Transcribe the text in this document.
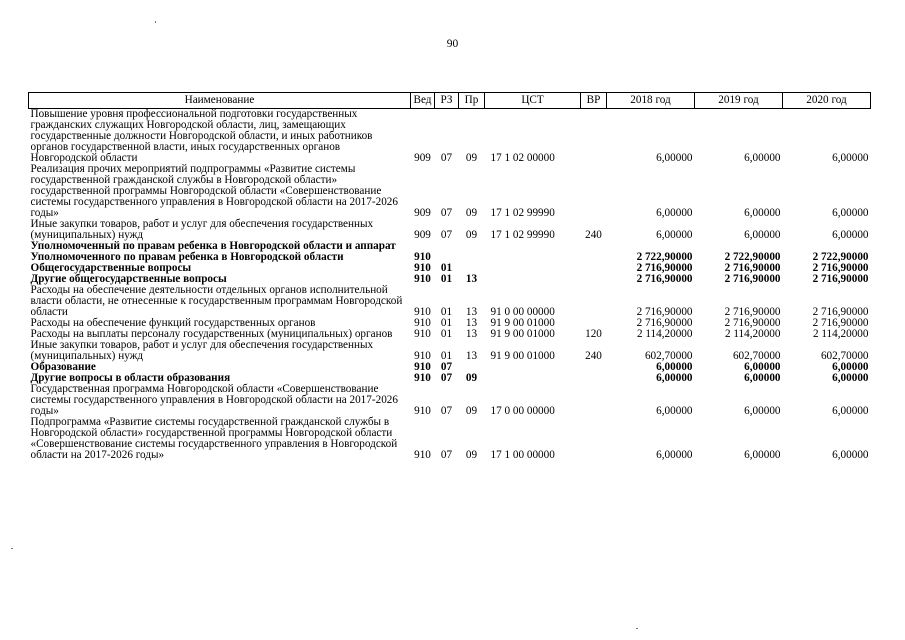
90
Наименование	Вед	РЗ	Пр	ЦСТ	ВР	2018 год	2019 год	2020 год
Повышение уровня профессиональной подготовки государственных гражданских служащих Новгородской области, лиц, замещающих государственные должности Новгородской области, и иных работников органов государственной власти, иных государственных органов Новгородской области	909	07	09	17 1 02 00000		6,00000	6,00000	6,00000
Реализация прочих мероприятий подпрограммы «Развитие системы государственной гражданской службы в Новгородской области» государственной программы Новгородской области «Совершенствование системы государственного управления в Новгородской области на 2017-2026 годы»	909	07	09	17 1 02 99990		6,00000	6,00000	6,00000
Иные закупки товаров, работ и услуг для обеспечения государственных (муниципальных) нужд	909	07	09	17 1 02 99990	240	6,00000	6,00000	6,00000
Уполномоченный по правам ребенка в Новгородской области и аппарат Уполномоченного по правам ребенка в Новгородской области	910					2 722,90000	2 722,90000	2 722,90000
Общегосударственные вопросы	910	01				2 716,90000	2 716,90000	2 716,90000
Другие общегосударственные вопросы	910	01	13			2 716,90000	2 716,90000	2 716,90000
Расходы на обеспечение деятельности отдельных органов исполнительной власти области, не отнесенные к государственным программам Новгородской области	910	01	13	91 0 00 00000		2 716,90000	2 716,90000	2 716,90000
Расходы на обеспечение функций государственных органов	910	01	13	91 9 00 01000		2 716,90000	2 716,90000	2 716,90000
Расходы на выплаты персоналу государственных (муниципальных) органов	910	01	13	91 9 00 01000	120	2 114,20000	2 114,20000	2 114,20000
Иные закупки товаров, работ и услуг для обеспечения государственных (муниципальных) нужд	910	01	13	91 9 00 01000	240	602,70000	602,70000	602,70000
Образование	910	07				6,00000	6,00000	6,00000
Другие вопросы в области образования	910	07	09			6,00000	6,00000	6,00000
Государственная программа Новгородской области «Совершенствование системы государственного управления в Новгородской области на 2017-2026 годы»	910	07	09	17 0 00 00000		6,00000	6,00000	6,00000
Подпрограмма «Развитие системы государственной гражданской службы в Новгородской области» государственной программы Новгородской области «Совершенствование системы государственного управления в Новгородской области на 2017-2026 годы»	910	07	09	17 1 00 00000		6,00000	6,00000	6,00000
